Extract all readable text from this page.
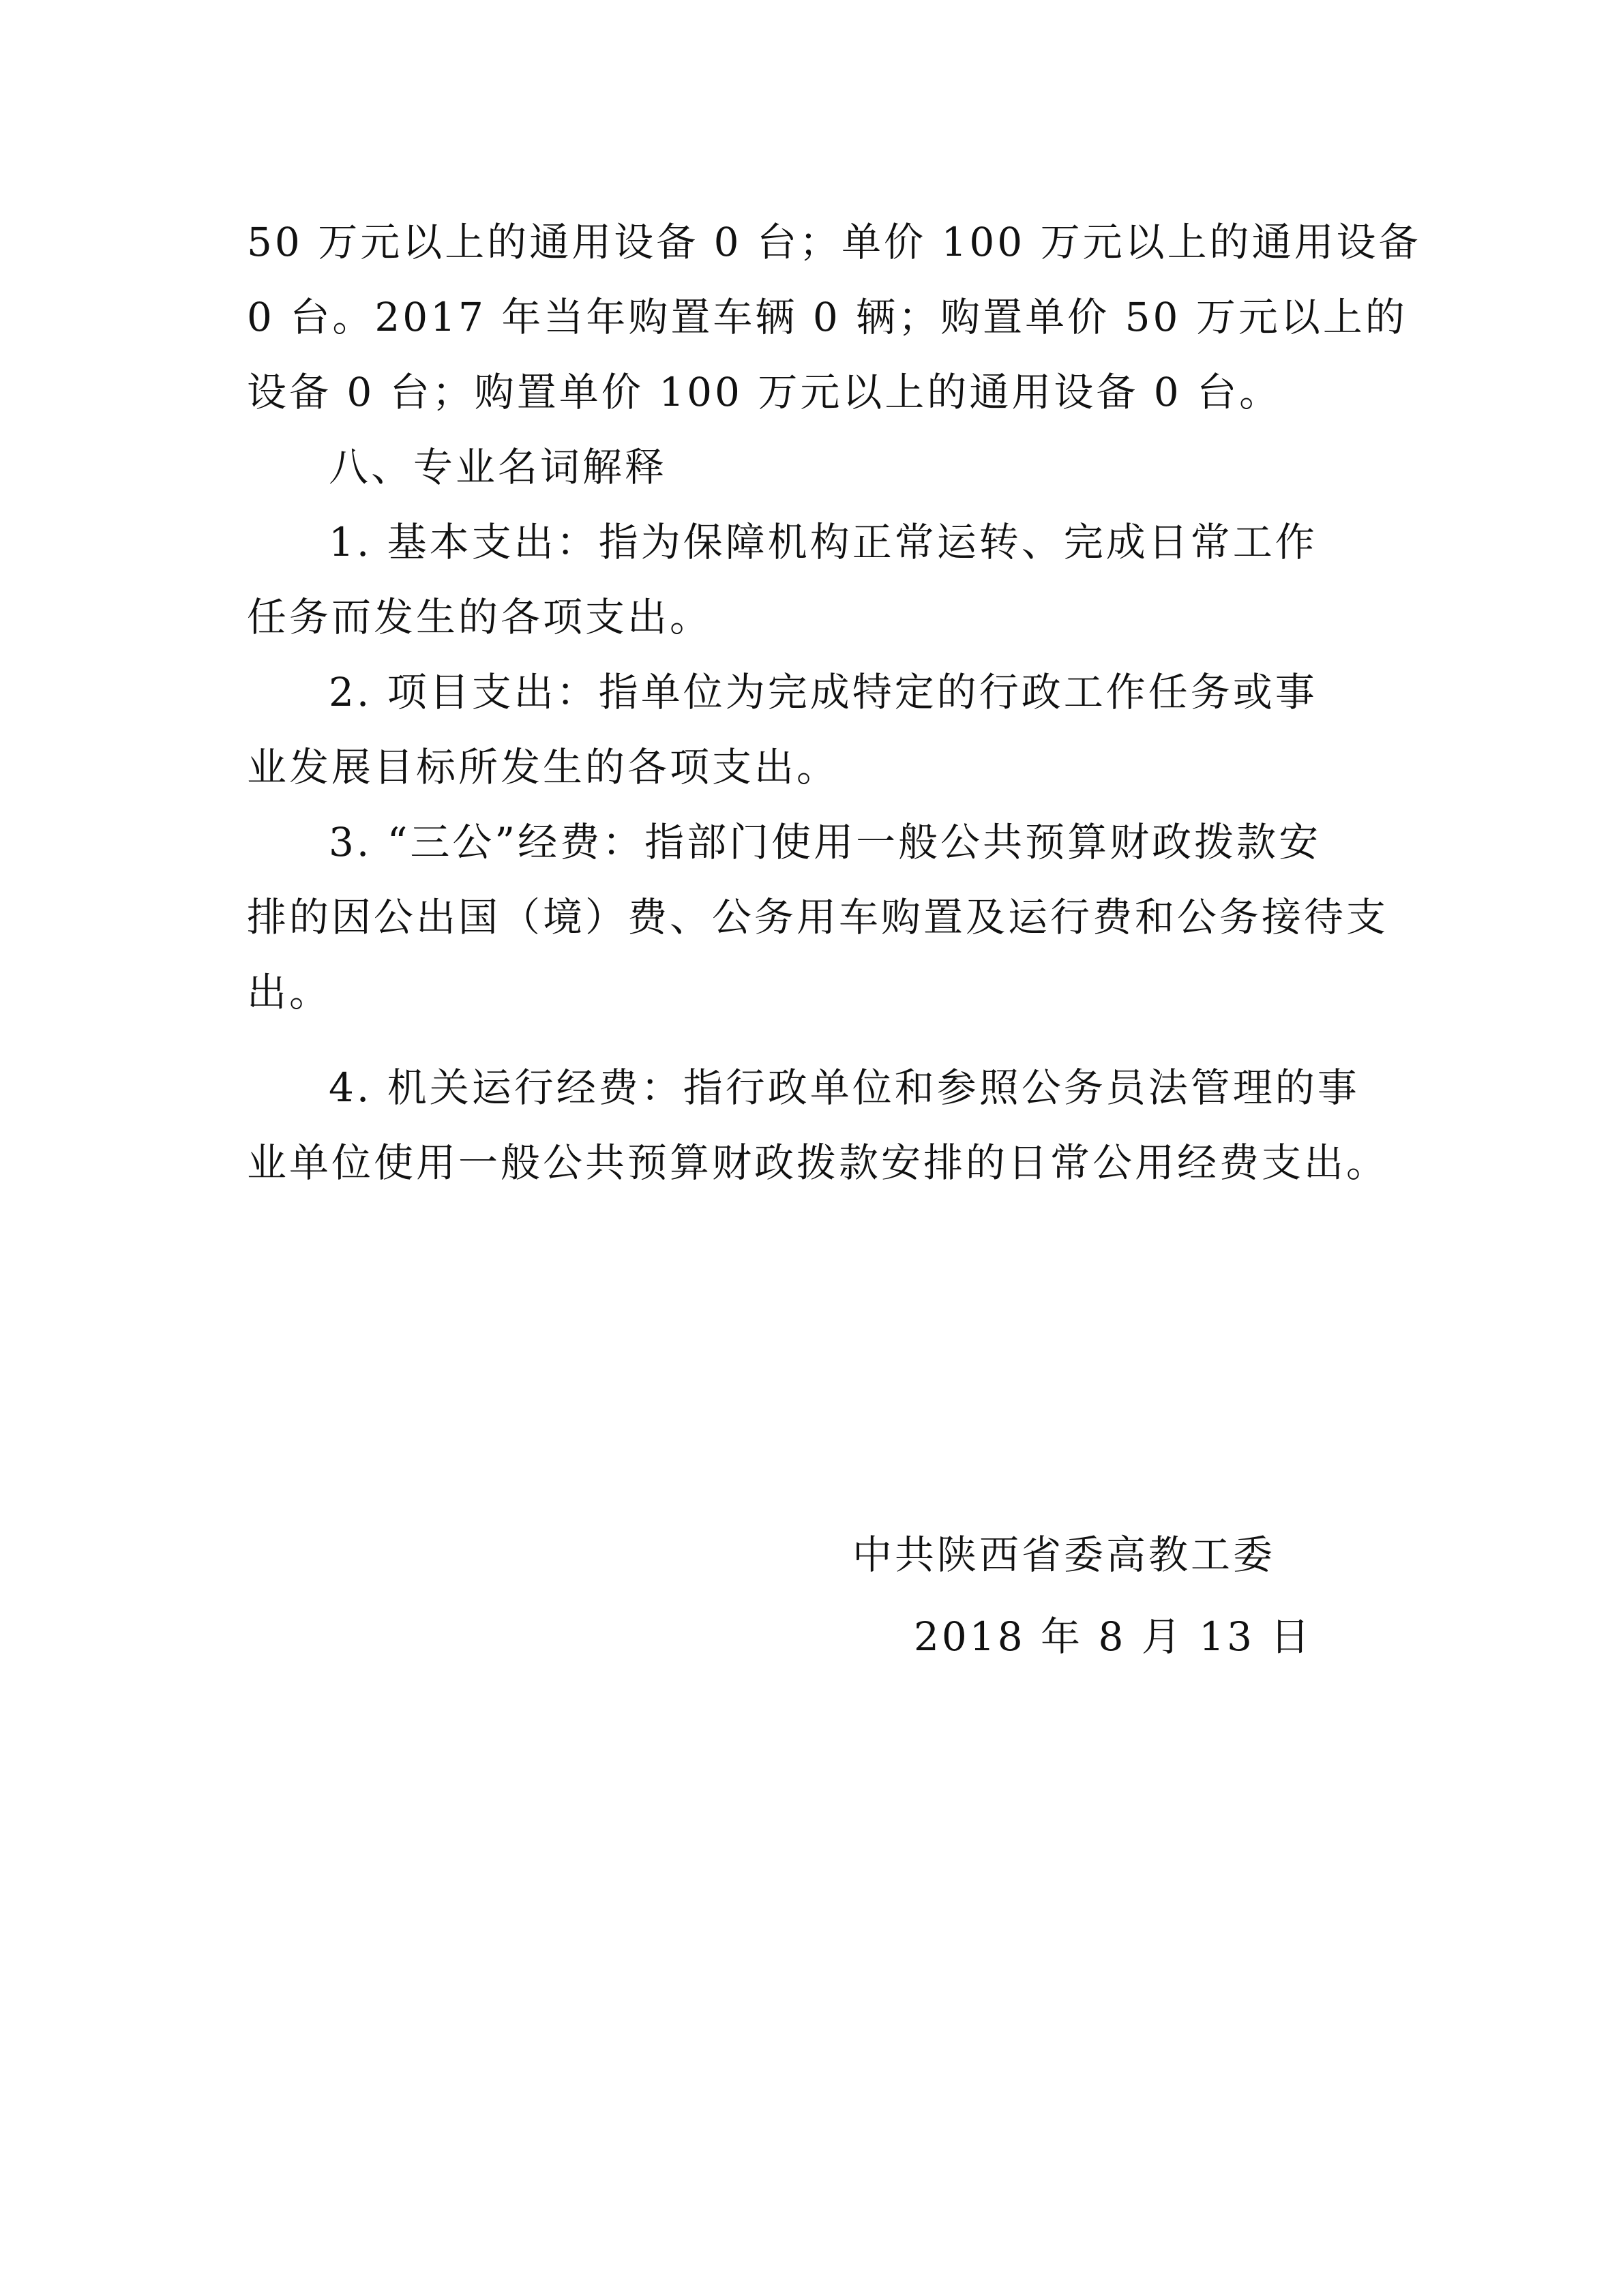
50 万元以上的通用设备 0 台；单价 100 万元以上的通用设备
0 台。2017 年当年购置车辆 0 辆；购置单价 50 万元以上的
设备 0 台；购置单价 100 万元以上的通用设备 0 台。
八、专业名词解释
1. 基本支出：指为保障机构正常运转、完成日常工作
任务而发生的各项支出。
2. 项目支出：指单位为完成特定的行政工作任务或事
业发展目标所发生的各项支出。
3. “三公”经费：指部门使用一般公共预算财政拨款安
排的因公出国（境）费、公务用车购置及运行费和公务接待支
出。
4. 机关运行经费：指行政单位和参照公务员法管理的事
业单位使用一般公共预算财政拨款安排的日常公用经费支出。
中共陕西省委高教工委
2018 年 8 月 13 日
